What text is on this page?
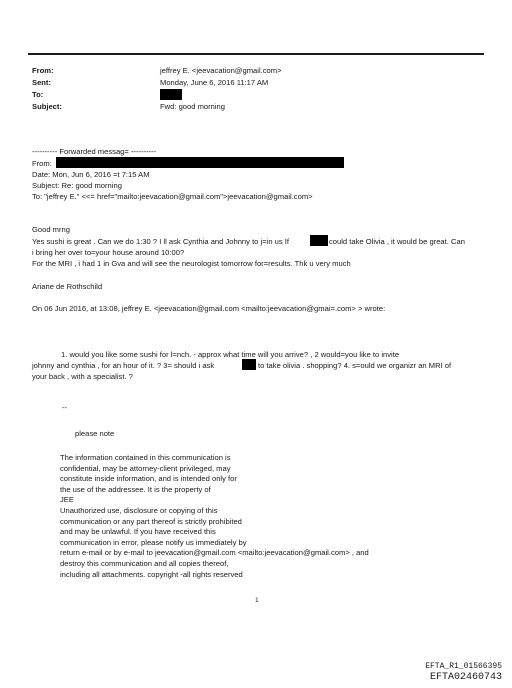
From:	jeffrey E. <jeevacation@gmail.com>
Sent:	Monday, June 6, 2016 11:17 AM
To:
Subject:	Fwd: good morning
---------- Forwarded messag= ----------
From:
Date: Mon, Jun 6, 2016 =t 7:15 AM
Subject: Re: good morning
To: "jeffrey E." <<= href="mailto:jeevacation@gmail.com">jeevacation@gmail.com>
Good mrng
Yes sushi is great . Can we do 1:30 ? I ll ask Cynthia and Johnny to j=in us If	could take Olivia , it would be great. Can
i bring her over to=your house around 10:00?
For the MRI , i had 1 in Gva and will see the neurologist tomorrow for=results. Thk u very much
Ariane de Rothschild
On 06 Jun 2016, at 13:08, jeffrey E. <jeevacation@gmail.com <mailto:jeevacation@gmai=.com> > wrote:
1. would you like some sushi for l=nch. - approx what time will you arrive? , 2 would=you like to invite
johnny and cynthia , for an hour of it. ? 3= should i ask	to take olivia . shopping? 4. s=ould we organizr an MRI of
your back , with a specialist. ?
--
please note
The information contained in this communication is
confidential, may be attorney-client privileged, may
constitute inside information, and is intended only for
the use of the addressee. It is the property of
JEE
Unauthorized use, disclosure or copying of this
communication or any part thereof is strictly prohibited
and may be unlawful. If you have received this
communication in error, please notify us immediately by
return e-mail or by e-mail to jeevacation@gmail.com <mailto:jeevacation@gmail.com> , and
destroy this communication and all copies thereof,
including all attachments. copyright -all rights reserved
1
EFTA_R1_01566395
EFTA02460743
